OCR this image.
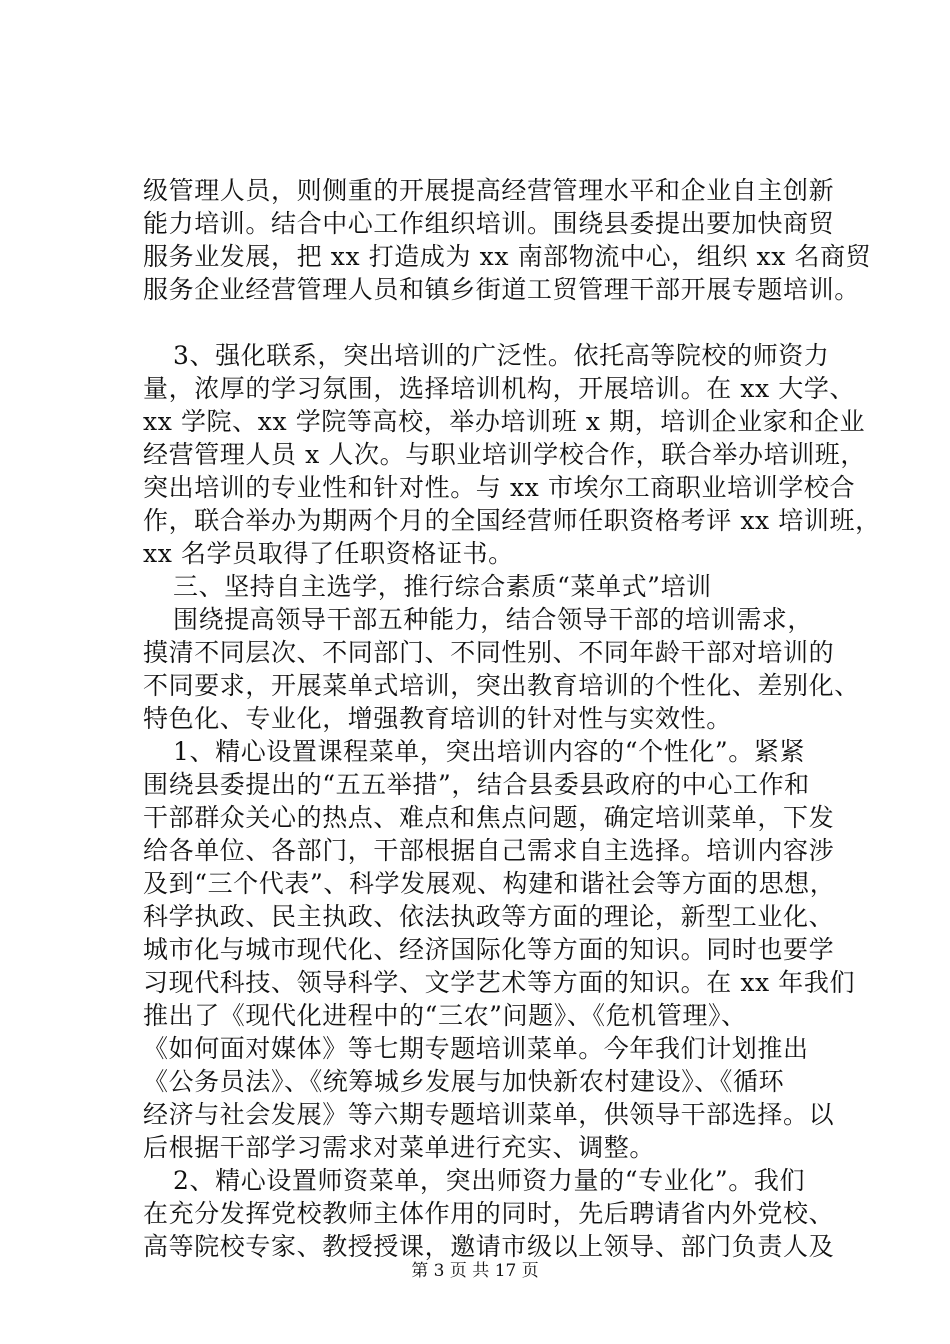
级管理人员，则侧重的开展提高经营管理水平和企业自主创新
能力培训。结合中心工作组织培训。围绕县委提出要加快商贸
服务业发展，把 xx 打造成为 xx 南部物流中心，组织 xx 名商贸
服务企业经营管理人员和镇乡街道工贸管理干部开展专题培训。
3、强化联系，突出培训的广泛性。依托高等院校的师资力
量，浓厚的学习氛围，选择培训机构，开展培训。在 xx 大学、
xx 学院、xx 学院等高校，举办培训班 x 期，培训企业家和企业
经营管理人员 x 人次。与职业培训学校合作，联合举办培训班，
突出培训的专业性和针对性。与 xx 市埃尔工商职业培训学校合
作，联合举办为期两个月的全国经营师任职资格考评 xx 培训班，
xx 名学员取得了任职资格证书。
三、坚持自主选学，推行综合素质“菜单式”培训
围绕提高领导干部五种能力，结合领导干部的培训需求，
摸清不同层次、不同部门、不同性别、不同年龄干部对培训的
不同要求，开展菜单式培训，突出教育培训的个性化、差别化、
特色化、专业化，增强教育培训的针对性与实效性。
1、精心设置课程菜单，突出培训内容的“个性化”。紧紧
围绕县委提出的“五五举措”，结合县委县政府的中心工作和
干部群众关心的热点、难点和焦点问题，确定培训菜单，下发
给各单位、各部门，干部根据自己需求自主选择。培训内容涉
及到“三个代表”、科学发展观、构建和谐社会等方面的思想，
科学执政、民主执政、依法执政等方面的理论，新型工业化、
城市化与城市现代化、经济国际化等方面的知识。同时也要学
习现代科技、领导科学、文学艺术等方面的知识。在 xx 年我们
推出了《现代化进程中的“三农”问题》、《危机管理》、
《如何面对媒体》等七期专题培训菜单。今年我们计划推出
《公务员法》、《统筹城乡发展与加快新农村建设》、《循环
经济与社会发展》等六期专题培训菜单，供领导干部选择。以
后根据干部学习需求对菜单进行充实、调整。
2、精心设置师资菜单，突出师资力量的“专业化”。我们
在充分发挥党校教师主体作用的同时，先后聘请省内外党校、
高等院校专家、教授授课，邀请市级以上领导、部门负责人及
第 3 页 共 17 页
